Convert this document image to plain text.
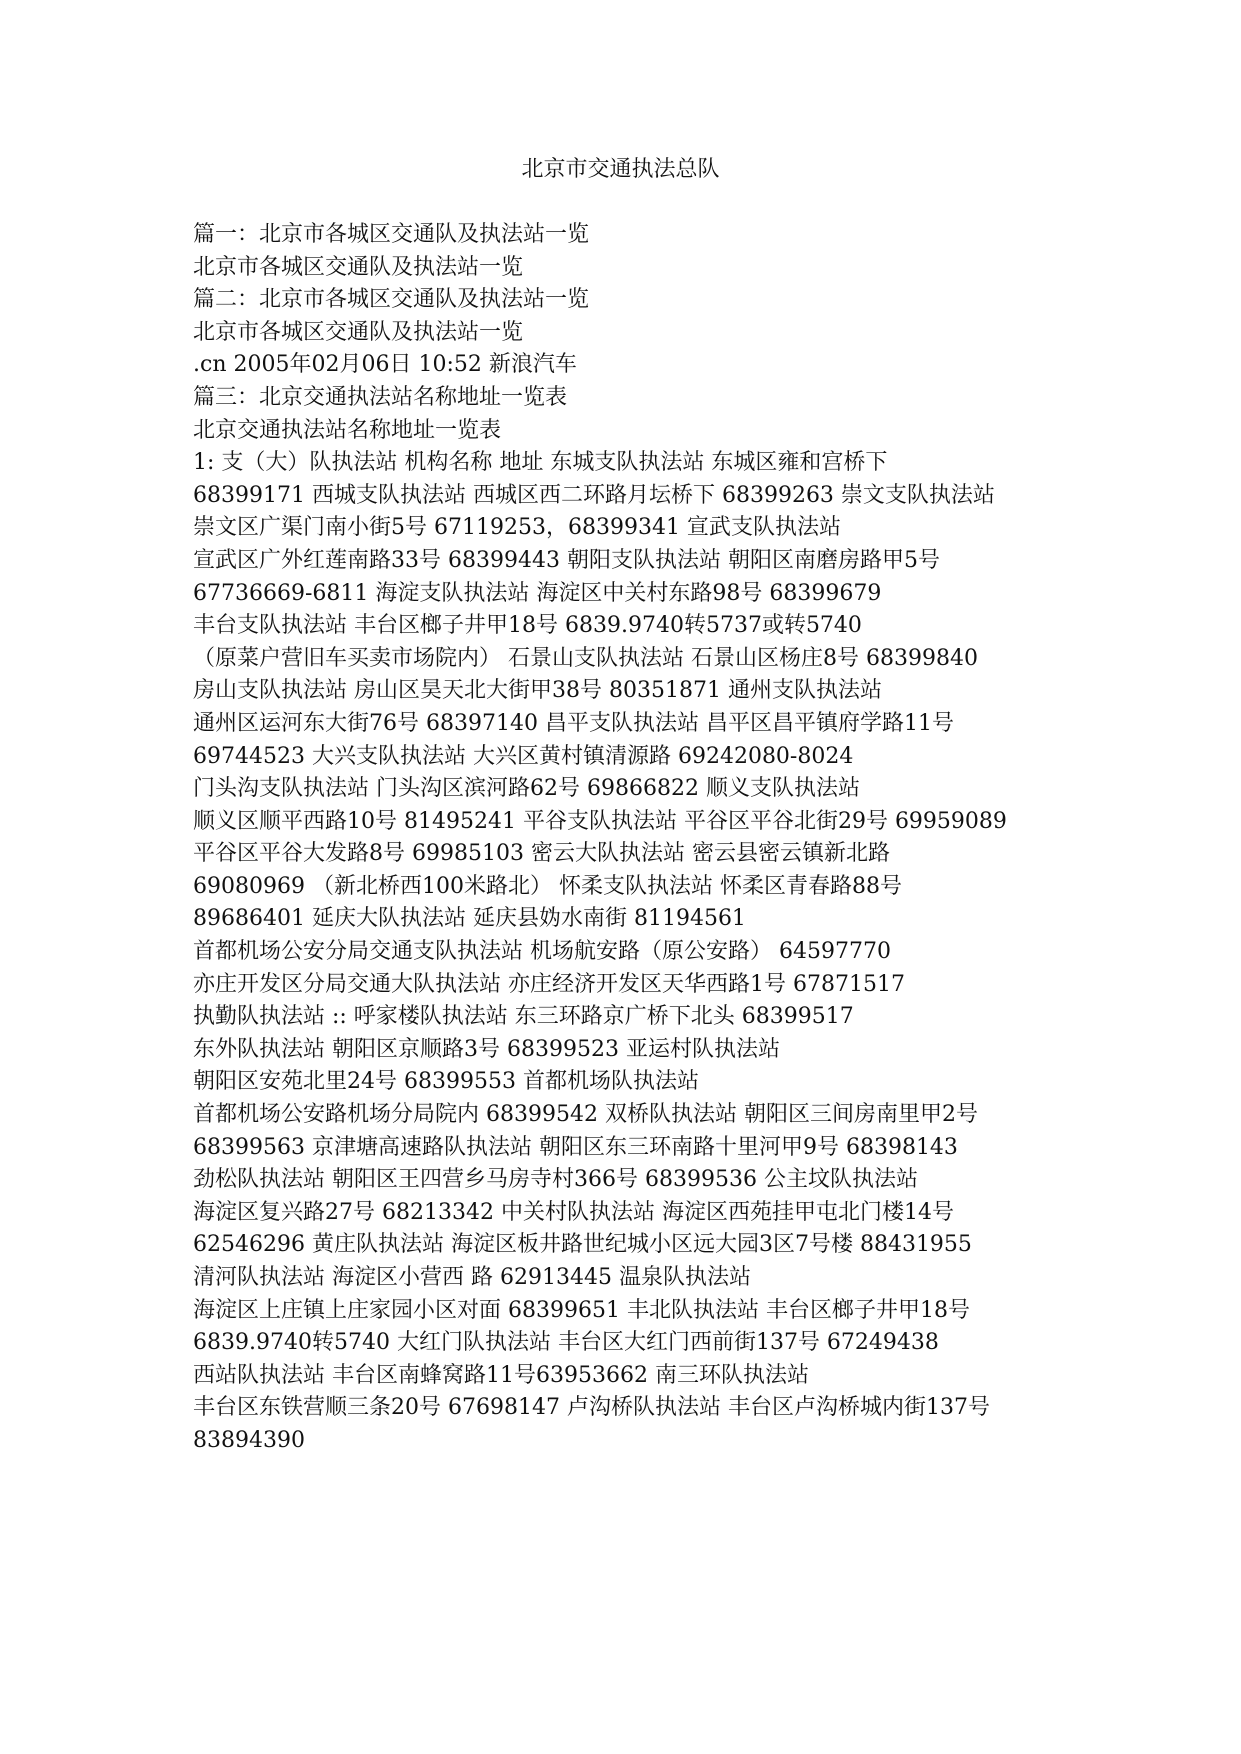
北京市交通执法总队
篇一：北京市各城区交通队及执法站一览
北京市各城区交通队及执法站一览
篇二：北京市各城区交通队及执法站一览
北京市各城区交通队及执法站一览
.cn 2005年02月06日 10:52 新浪汽车
篇三：北京交通执法站名称地址一览表
北京交通执法站名称地址一览表
1: 支（大）队执法站 机构名称 地址 东城支队执法站 东城区雍和宫桥下
68399171 西城支队执法站 西城区西二环路月坛桥下 68399263 崇文支队执法站
崇文区广渠门南小街5号 67119253，68399341 宣武支队执法站
宣武区广外红莲南路33号 68399443 朝阳支队执法站 朝阳区南磨房路甲5号
67736669-6811 海淀支队执法站 海淀区中关村东路98号 68399679
丰台支队执法站 丰台区榔子井甲18号 6839.9740转5737或转5740
（原菜户营旧车买卖市场院内） 石景山支队执法站 石景山区杨庄8号 68399840
房山支队执法站 房山区昊天北大街甲38号 80351871 通州支队执法站
通州区运河东大街76号 68397140 昌平支队执法站 昌平区昌平镇府学路11号
69744523 大兴支队执法站 大兴区黄村镇清源路 69242080-8024
门头沟支队执法站 门头沟区滨河路62号 69866822 顺义支队执法站
顺义区顺平西路10号 81495241 平谷支队执法站 平谷区平谷北街29号 69959089
平谷区平谷大发路8号 69985103 密云大队执法站 密云县密云镇新北路
69080969 （新北桥西100米路北） 怀柔支队执法站 怀柔区青春路88号
89686401 延庆大队执法站 延庆县妫水南街 81194561
首都机场公安分局交通支队执法站 机场航安路（原公安路） 64597770
亦庄开发区分局交通大队执法站 亦庄经济开发区天华西路1号 67871517
执勤队执法站 :: 呼家楼队执法站 东三环路京广桥下北头 68399517
东外队执法站 朝阳区京顺路3号 68399523 亚运村队执法站
朝阳区安苑北里24号 68399553 首都机场队执法站
首都机场公安路机场分局院内 68399542 双桥队执法站 朝阳区三间房南里甲2号
68399563 京津塘高速路队执法站 朝阳区东三环南路十里河甲9号 68398143
劲松队执法站 朝阳区王四营乡马房寺村366号 68399536 公主坟队执法站
海淀区复兴路27号 68213342 中关村队执法站 海淀区西苑挂甲屯北门楼14号
62546296 黄庄队执法站 海淀区板井路世纪城小区远大园3区7号楼 88431955
清河队执法站 海淀区小营西 路 62913445 温泉队执法站
海淀区上庄镇上庄家园小区对面 68399651 丰北队执法站 丰台区榔子井甲18号
6839.9740转5740 大红门队执法站 丰台区大红门西前街137号 67249438
西站队执法站 丰台区南蜂窝路11号63953662 南三环队执法站
丰台区东铁营顺三条20号 67698147 卢沟桥队执法站 丰台区卢沟桥城内街137号
83894390
